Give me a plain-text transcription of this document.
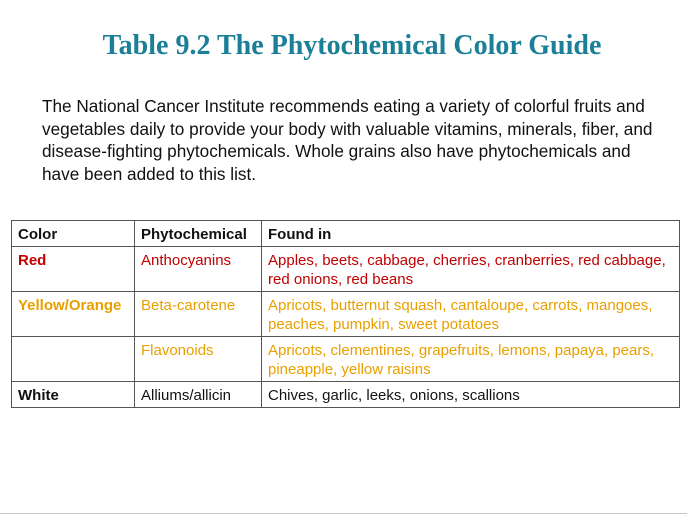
Table 9.2 The Phytochemical Color Guide

The National Cancer Institute recommends eating a variety of colorful fruits and vegetables daily to provide your body with valuable vitamins, minerals, fiber, and disease-fighting phytochemicals. Whole grains also have phytochemicals and have been added to this list.

Color	Phytochemical	Found in
Red	Anthocyanins	Apples, beets, cabbage, cherries, cranberries, red cabbage, red onions, red beans
Yellow/Orange	Beta-carotene	Apricots, butternut squash, cantaloupe, carrots, mangoes, peaches, pumpkin, sweet potatoes
	Flavonoids	Apricots, clementines, grapefruits, lemons, papaya, pears, pineapple, yellow raisins
White	Alliums/allicin	Chives, garlic, leeks, onions, scallions
